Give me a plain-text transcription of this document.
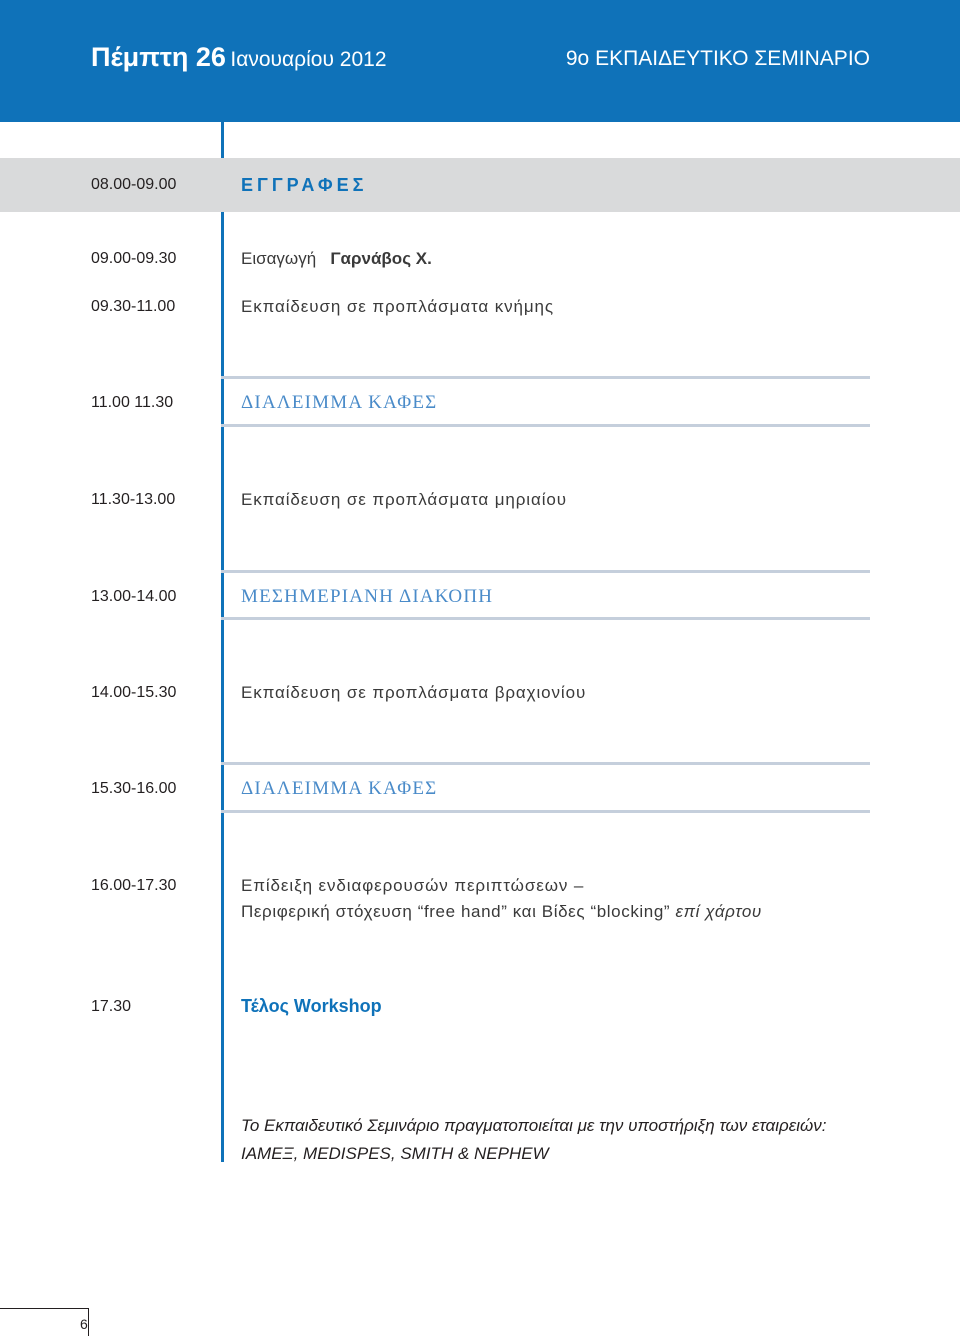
Πέμπτη 26 Ιανουαρίου 2012	9ο ΕΚΠΑΙΔΕΥΤΙΚΟ ΣΕΜΙΝΑΡΙΟ
08.00-09.00	ΕΓΓΡΑΦΕΣ
09.00-09.30	Εισαγωγή Γαρνάβος Χ.
09.30-11.00	Εκπαίδευση σε προπλάσματα κνήμης
11.00 11.30	ΔΙΑΛΕΙΜΜΑ ΚΑΦΕΣ
11.30-13.00	Εκπαίδευση σε προπλάσματα μηριαίου
13.00-14.00	ΜΕΣΗΜΕΡΙΑΝΗ ΔΙΑΚΟΠΗ
14.00-15.30	Εκπαίδευση σε προπλάσματα βραχιονίου
15.30-16.00	ΔΙΑΛΕΙΜΜΑ ΚΑΦΕΣ
16.00-17.30	Επίδειξη ενδιαφερουσών περιπτώσεων –
Περιφερική στόχευση “free hand” και Βίδες “blocking” επί χάρτου
17.30	Τέλος Workshop
Το Εκπαιδευτικό Σεμινάριο πραγματοποιείται με την υποστήριξη των εταιρειών:
ΙΑΜΕΞ, MEDISPES, SMITH & NEPHEW
6
